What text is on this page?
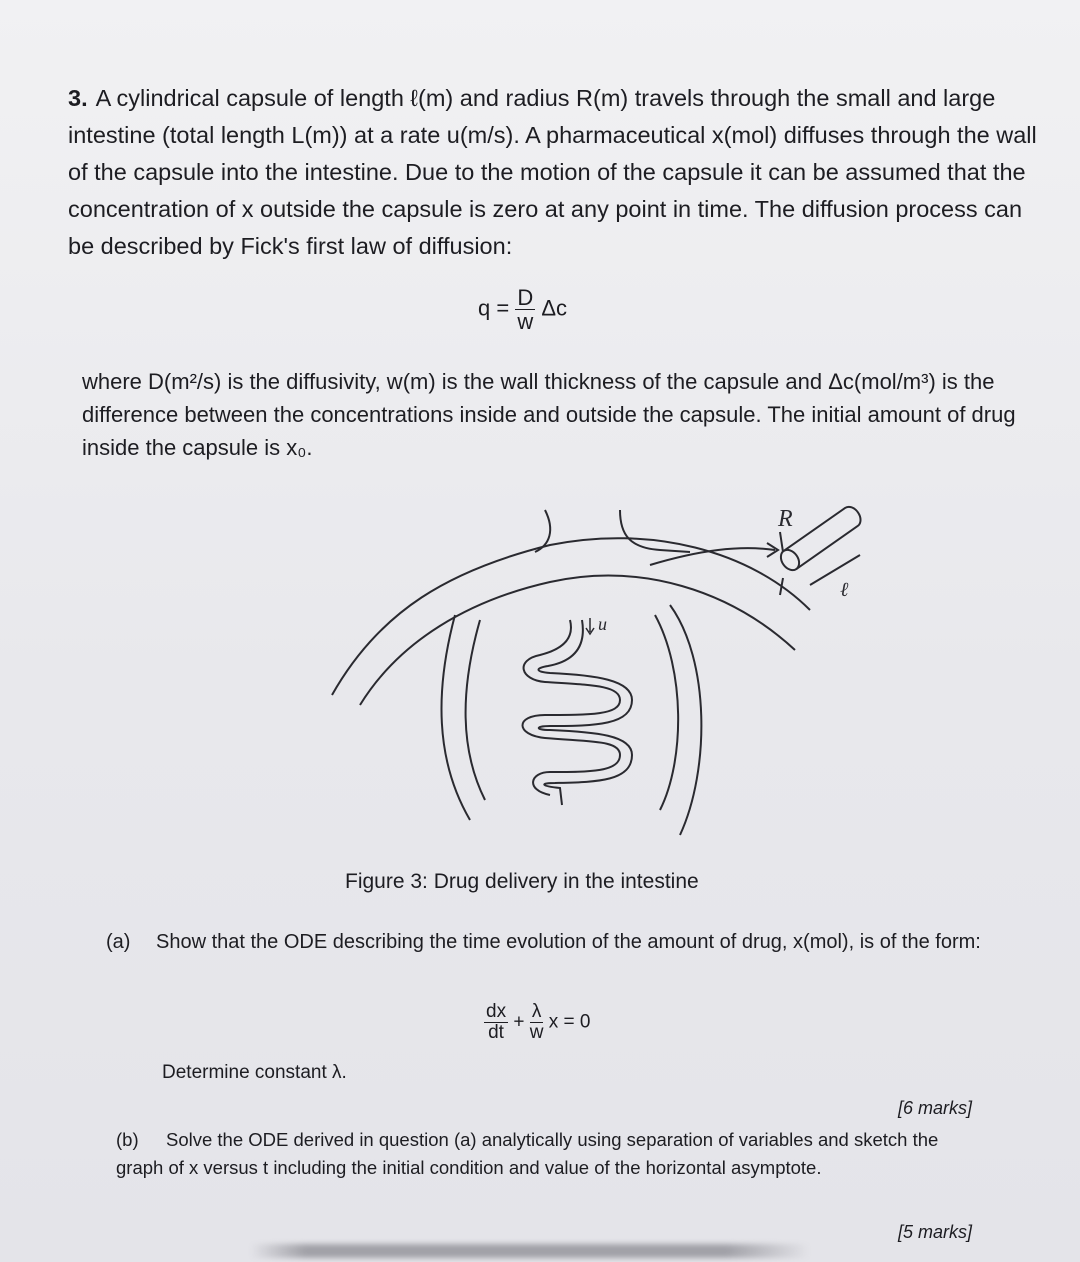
3. A cylindrical capsule of length ℓ(m) and radius R(m) travels through the small and large intestine (total length L(m)) at a rate u(m/s). A pharmaceutical x(mol) diffuses through the wall of the capsule into the intestine. Due to the motion of the capsule it can be assumed that the concentration of x outside the capsule is zero at any point in time. The diffusion process can be described by Fick's first law of diffusion:

$q = \frac{D}{w}$ Δc

where D(m²/s) is the diffusivity, w(m) is the wall thickness of the capsule and Δc(mol/m³) is the difference between the concentrations inside and outside the capsule. The initial amount of drug inside the capsule is x₀.

R
ℓ
u

Figure 3: Drug delivery in the intestine

(a) Show that the ODE describing the time evolution of the amount of drug, x(mol), is of the form:

$\frac{dx}{dt} + \frac{\lambda}{w}$ x = 0

Determine constant λ.

[6 marks]

(b) Solve the ODE derived in question (a) analytically using separation of variables and sketch the graph of x versus t including the initial condition and value of the horizontal asymptote.

[5 marks]
